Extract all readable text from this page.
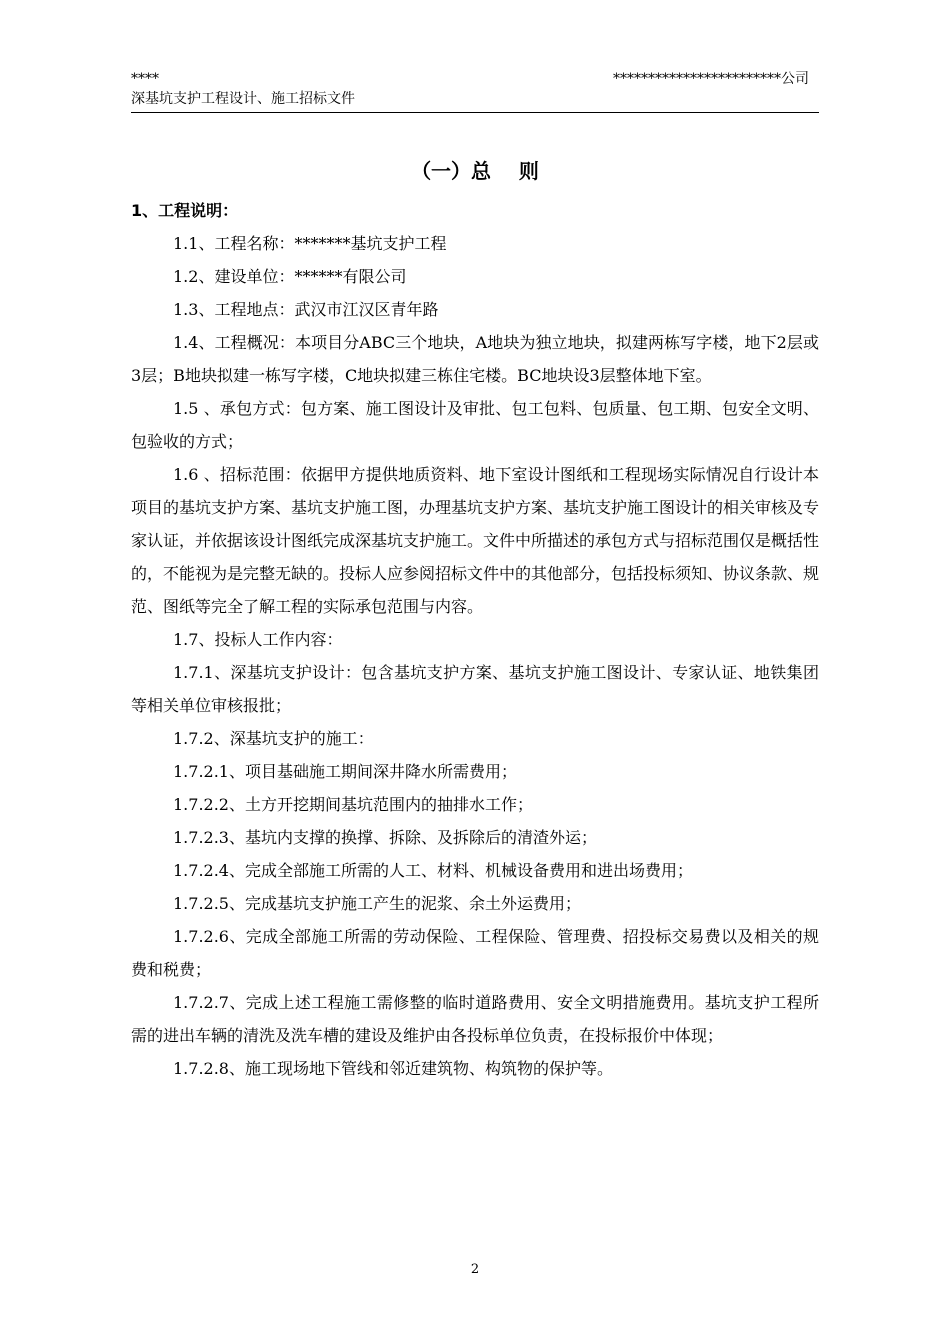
****	************************公司
深基坑支护工程设计、施工招标文件
（一）总    则
1、工程说明：

1.1、工程名称：*******基坑支护工程

1.2、建设单位：******有限公司

1.3、工程地点：武汉市江汉区青年路

1.4、工程概况：本项目分ABC三个地块，A地块为独立地块，拟建两栋写字楼，地下2层或3层；B地块拟建一栋写字楼，C地块拟建三栋住宅楼。BC地块设3层整体地下室。

1.5 、承包方式：包方案、施工图设计及审批、包工包料、包质量、包工期、包安全文明、包验收的方式；

1.6 、招标范围：依据甲方提供地质资料、地下室设计图纸和工程现场实际情况自行设计本项目的基坑支护方案、基坑支护施工图，办理基坑支护方案、基坑支护施工图设计的相关审核及专家认证，并依据该设计图纸完成深基坑支护施工。文件中所描述的承包方式与招标范围仅是概括性的，不能视为是完整无缺的。投标人应参阅招标文件中的其他部分，包括投标须知、协议条款、规范、图纸等完全了解工程的实际承包范围与内容。

1.7、投标人工作内容：

1.7.1、深基坑支护设计：包含基坑支护方案、基坑支护施工图设计、专家认证、地铁集团等相关单位审核报批；

1.7.2、深基坑支护的施工：

1.7.2.1、项目基础施工期间深井降水所需费用；

1.7.2.2、土方开挖期间基坑范围内的抽排水工作；

1.7.2.3、基坑内支撑的换撑、拆除、及拆除后的清渣外运；

1.7.2.4、完成全部施工所需的人工、材料、机械设备费用和进出场费用；

1.7.2.5、完成基坑支护施工产生的泥浆、余土外运费用；

1.7.2.6、完成全部施工所需的劳动保险、工程保险、管理费、招投标交易费以及相关的规费和税费；

1.7.2.7、完成上述工程施工需修整的临时道路费用、安全文明措施费用。基坑支护工程所需的进出车辆的清洗及洗车槽的建设及维护由各投标单位负责，在投标报价中体现；

1.7.2.8、施工现场地下管线和邻近建筑物、构筑物的保护等。

2
